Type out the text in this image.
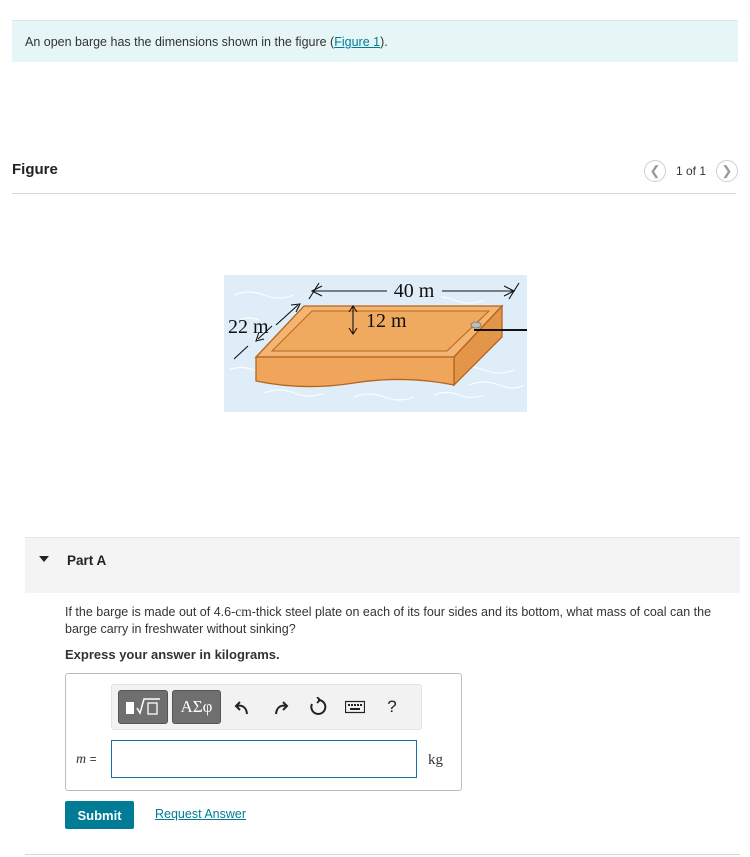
An open barge has the dimensions shown in the figure (Figure 1).
Figure	❮ 1 of 1 ❯
40 m
12 m
22 m
Part A
If the barge is made out of 4.6-cm-thick steel plate on each of its four sides and its bottom, what mass of coal can the barge carry in freshwater without sinking?
Express your answer in kilograms.
ΑΣφ	?
m =	kg
Submit	Request Answer
